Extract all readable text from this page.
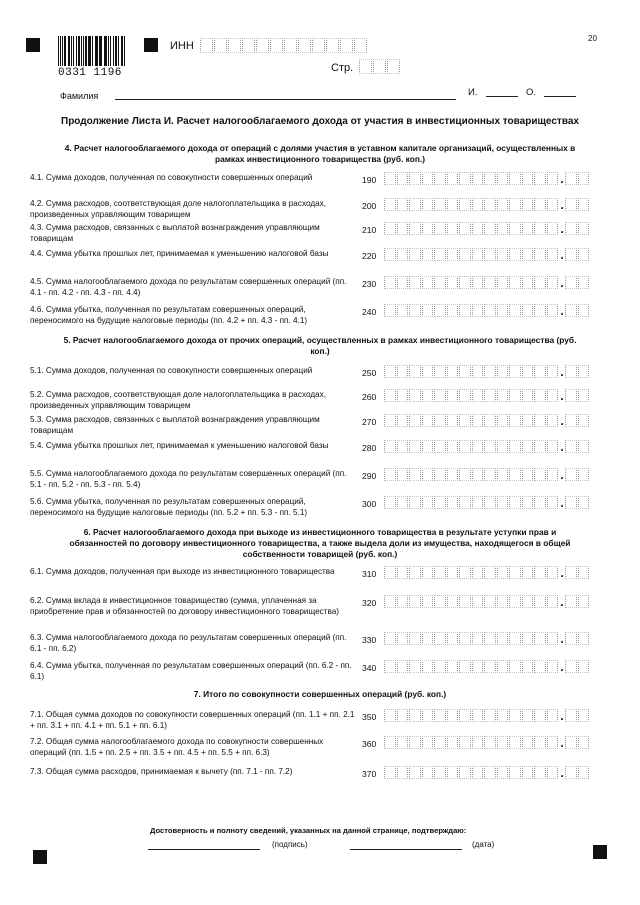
0331 1196
20
ИНН
Стр.
Фамилия	И.	О.
Продолжение Листа И. Расчет налогооблагаемого дохода от участия в инвестиционных товариществах
4. Расчет налогооблагаемого дохода от операций с долями участия в уставном капитале организаций, осуществленных в рамках инвестиционного товарищества (руб. коп.)
4.1. Сумма доходов, полученная по совокупности совершенных операций	190	.
4.2. Сумма расходов, соответствующая доле налогоплательщика в расходах, произведенных управляющим товарищем
200	.
4.3. Сумма расходов, связанных с выплатой вознаграждения управляющим товарищам
210	.
4.4. Сумма убытка прошлых лет, принимаемая к уменьшению налоговой базы	220	.
4.5. Сумма налогооблагаемого дохода по результатам совершенных операций (пп. 4.1 - пп. 4.2 - пп. 4.3 - пп. 4.4)
230	.
4.6. Сумма убытка, полученная по результатам совершенных операций, переносимого на будущие налоговые периоды (пп. 4.2 + пп. 4.3 - пп. 4.1)
240	.
5. Расчет налогооблагаемого дохода от прочих операций, осуществленных в рамках инвестиционного товарищества (руб. коп.)
5.1. Сумма доходов, полученная по совокупности совершенных операций	250	.
5.2. Сумма расходов, соответствующая доле налогоплательщика в расходах, произведенных управляющим товарищем
260	.
5.3. Сумма расходов, связанных с выплатой вознаграждения управляющим товарищам
270	.
5.4. Сумма убытка прошлых лет, принимаемая к уменьшению налоговой базы	280	.
5.5. Сумма налогооблагаемого дохода по результатам совершенных операций (пп. 5.1 - пп. 5.2 - пп. 5.3 - пп. 5.4)
290	.
5.6. Сумма убытка, полученная по результатам совершенных операций, переносимого на будущие налоговые периоды (пп. 5.2 + пп. 5.3 - пп. 5.1)
300	.
6. Расчет налогооблагаемого дохода при выходе из инвестиционного товарищества в результате уступки прав и обязанностей по договору инвестиционного товарищества, а также выдела доли из имущества, находящегося в общей собственности товарищей (руб. коп.)
6.1. Сумма доходов, полученная при выходе из инвестиционного товарищества	310	.
6.2. Сумма вклада в инвестиционное товарищество (сумма, уплаченная за приобретение прав и обязанностей по договору инвестиционного товарищества)
320	.
6.3. Сумма налогооблагаемого дохода по результатам совершенных операций (пп. 6.1 - пп. 6.2)
330	.
6.4. Сумма убытка, полученная по результатам совершенных операций (пп. 6.2 - пп. 6.1)
340	.
7. Итого по совокупности совершенных операций (руб. коп.)
7.1. Общая сумма доходов по совокупности совершенных операций (пп. 1.1 + пп. 2.1 + пп. 3.1 + пп. 4.1 + пп. 5.1 + пп. 6.1)
350	.
7.2. Общая сумма налогооблагаемого дохода по совокупности совершенных операций (пп. 1.5 + пп. 2.5 + пп. 3.5 + пп. 4.5 + пп. 5.5 + пп. 6.3)
360	.
7.3. Общая сумма расходов, принимаемая к вычету (пп. 7.1 - пп. 7.2)	370	.
Достоверность и полноту сведений, указанных на данной странице, подтверждаю:
(подпись)	(дата)
